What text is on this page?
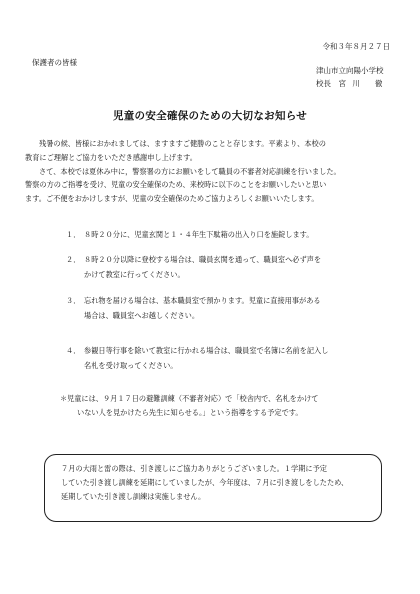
令和３年８月２７日
保護者の皆様
津山市立向陽小学校
校長　宮 川　　徹
児童の安全確保のための大切なお知らせ

残暑の候、皆様におかれましては、ますますご健勝のことと存じます。平素より、本校の
教育にご理解とご協力をいただき感謝申し上げます。

さて、本校では夏休み中に，警察署の方にお願いをして職員の不審者対応訓練を行いました。
警察の方のご指導を受け、児童の安全確保のため、来校時に以下のことをお願いしたいと思い
ます。ご不便をおかけしますが、児童の安全確保のためご協力よろしくお願いいたします。

１． ８時２０分に、児童玄関と１・４年生下駄箱の出入り口を施錠します。
２． ８時２０分以降に登校する場合は、職員玄関を通って、職員室へ必ず声を
かけて教室に行ってください。
３． 忘れ物を届ける場合は、基本職員室で預かります。児童に直接用事がある
場合は、職員室へお越しください。
４． 参観日等行事を除いて教室に行かれる場合は、職員室で名簿に名前を記入し
名札を受け取ってください。
＊ 児童には、９月１７日の避難訓練（不審者対応）で「校舎内で、名札をかけて
いない人を見かけたら先生に知らせる。」という指導をする予定です。
７月の大雨と雷の際は、引き渡しにご協力ありがとうございました。１学期に予定
していた引き渡し訓練を延期にしていましたが、今年度は、７月に引き渡しをしたため、
延期していた引き渡し訓練は実施しません。
